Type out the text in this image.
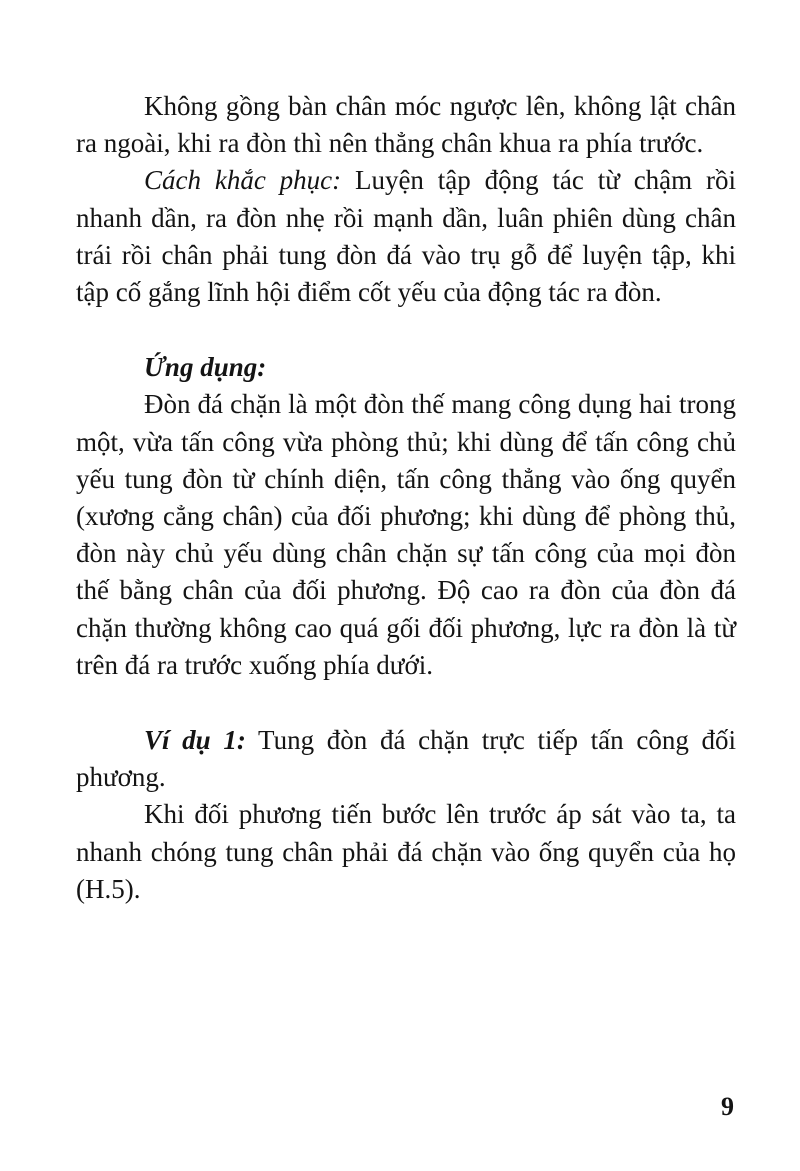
Không gồng bàn chân móc ngược lên, không lật chân ra ngoài, khi ra đòn thì nên thẳng chân khua ra phía trước.

Cách khắc phục: Luyện tập động tác từ chậm rồi nhanh dần, ra đòn nhẹ rồi mạnh dần, luân phiên dùng chân trái rồi chân phải tung đòn đá vào trụ gỗ để luyện tập, khi tập cố gắng lĩnh hội điểm cốt yếu của động tác ra đòn.

Ứng dụng:

Đòn đá chặn là một đòn thế mang công dụng hai trong một, vừa tấn công vừa phòng thủ; khi dùng để tấn công chủ yếu tung đòn từ chính diện, tấn công thẳng vào ống quyển (xương cẳng chân) của đối phương; khi dùng để phòng thủ, đòn này chủ yếu dùng chân chặn sự tấn công của mọi đòn thế bằng chân của đối phương. Độ cao ra đòn của đòn đá chặn thường không cao quá gối đối phương, lực ra đòn là từ trên đá ra trước xuống phía dưới.

Ví dụ 1: Tung đòn đá chặn trực tiếp tấn công đối phương.

Khi đối phương tiến bước lên trước áp sát vào ta, ta nhanh chóng tung chân phải đá chặn vào ống quyển của họ (H.5).

9
